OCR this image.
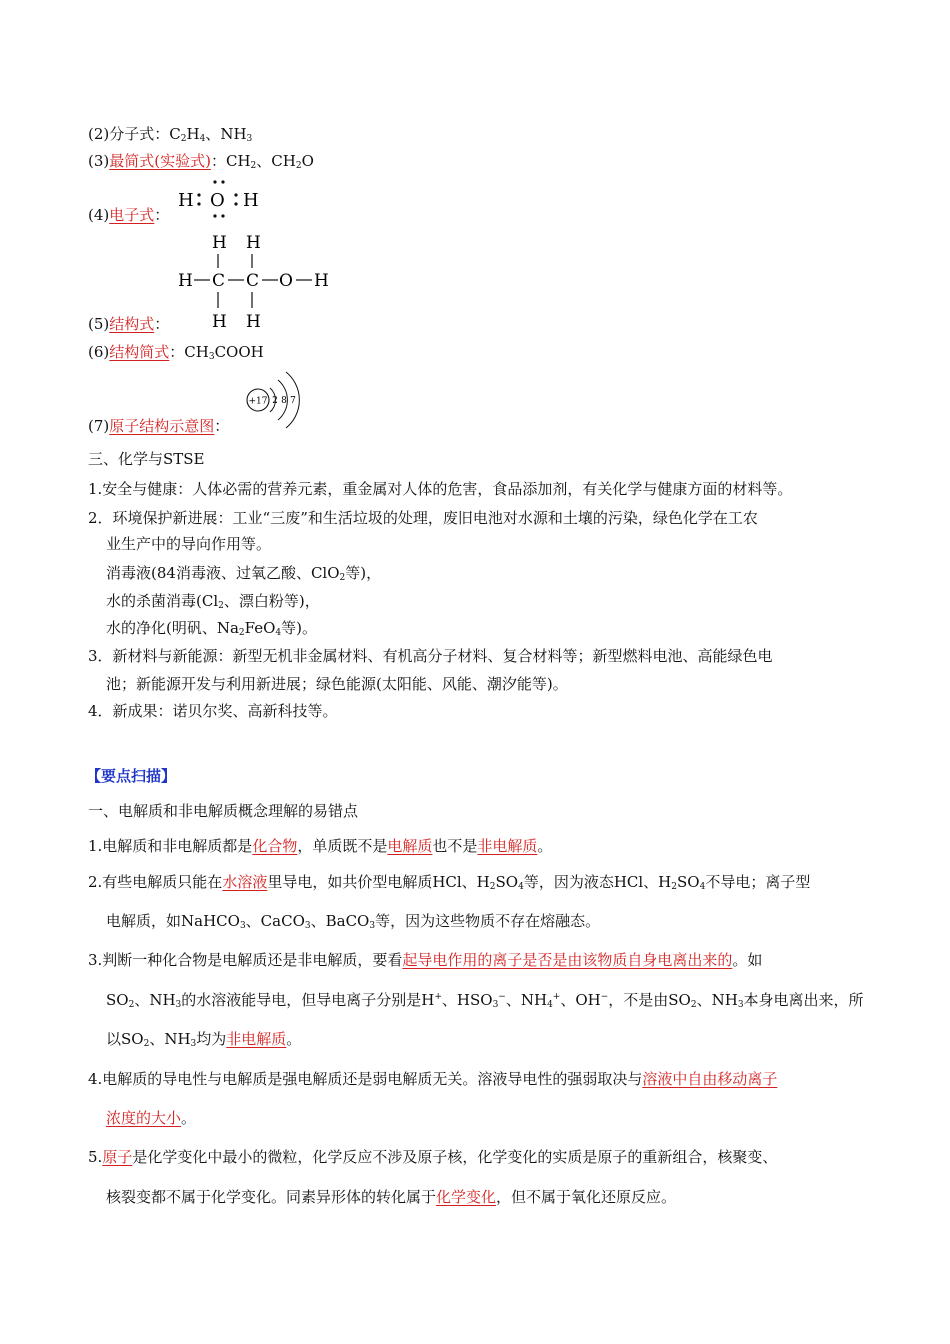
(2)分子式：$C_2H_4$、$NH_3$
(3)最简式(实验式)：$CH_2$、$CH_2O$
H O H
(4)电子式：
H H
H C C O H
H H
(5)结构式：
(6)结构简式：$CH_3COOH$
+17 2 8 7
(7)原子结构示意图：
三、化学与STSE
1.安全与健康：人体必需的营养元素，重金属对人体的危害，食品添加剂，有关化学与健康方面的材料等。
2．环境保护新进展：工业“三废”和生活垃圾的处理，废旧电池对水源和土壤的污染，绿色化学在工农
业生产中的导向作用等。
消毒液(84消毒液、过氧乙酸、ClO$_2$等)，
水的杀菌消毒($Cl_2$、漂白粉等)，
水的净化(明矾、$Na_2FeO_4$等)。
3．新材料与新能源：新型无机非金属材料、有机高分子材料、复合材料等；新型燃料电池、高能绿色电
池；新能源开发与利用新进展；绿色能源(太阳能、风能、潮汐能等)。
4．新成果：诺贝尔奖、高新科技等。
【要点扫描】
一、电解质和非电解质概念理解的易错点
1.电解质和非电解质都是化合物，单质既不是电解质也不是非电解质。
2.有些电解质只能在水溶液里导电，如共价型电解质HCl、$H_2SO_4$等，因为液态HCl、$H_2SO_4$不导电；离子型
电解质，如NaHCO$_3$、CaCO$_3$、BaCO$_3$等，因为这些物质不存在熔融态。
3.判断一种化合物是电解质还是非电解质，要看起导电作用的离子是否是由该物质自身电离出来的。如
$SO_2$、$NH_3$的水溶液能导电，但导电离子分别是H+、$HSO_3^-$、$NH_4^+$、OH−，不是由$SO_2$、$NH_3$本身电离出来，所
以$SO_2$、$NH_3$均为非电解质。
4.电解质的导电性与电解质是强电解质还是弱电解质无关。溶液导电性的强弱取决与溶液中自由移动离子
浓度的大小。
5.原子是化学变化中最小的微粒，化学反应不涉及原子核，化学变化的实质是原子的重新组合，核聚变、
核裂变都不属于化学变化。同素异形体的转化属于化学变化，但不属于氧化还原反应。
